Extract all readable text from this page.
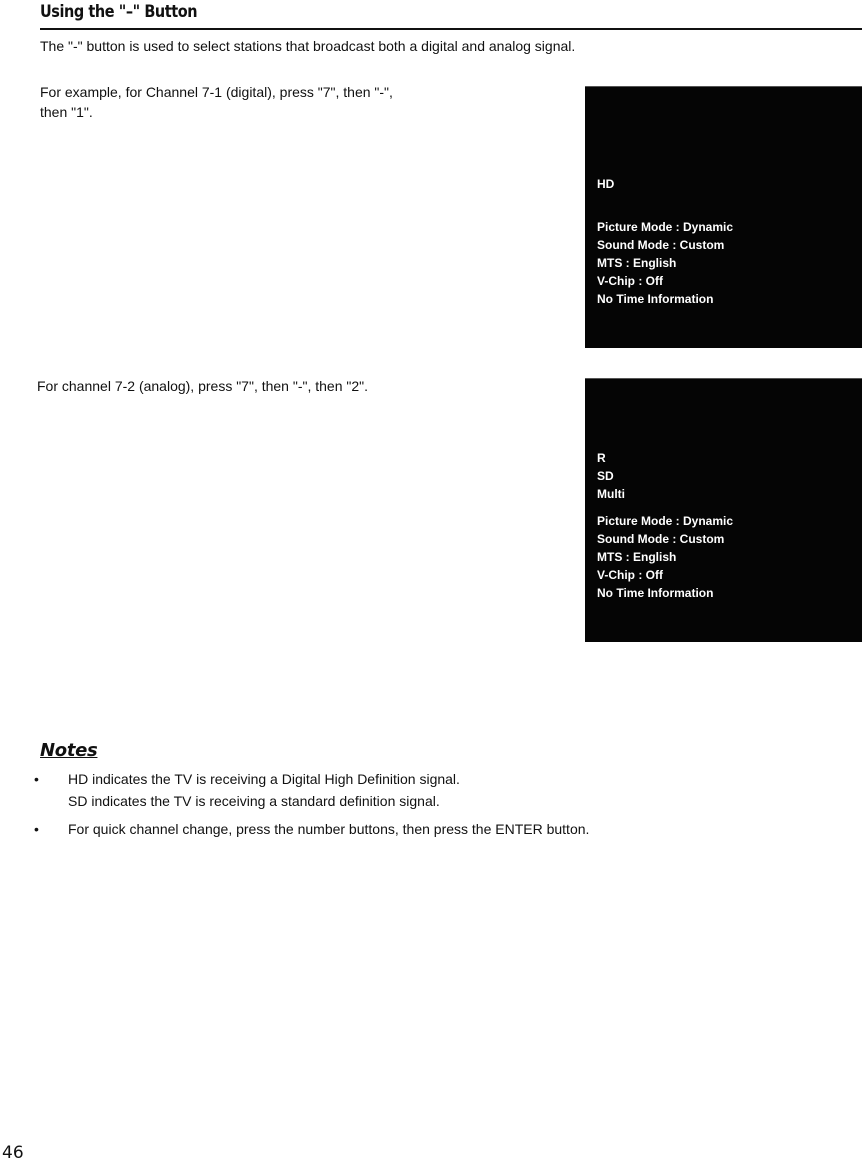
Using the "–" Button
The "-" button is used to select stations that broadcast both a digital and analog signal.
For example, for Channel 7-1 (digital), press "7", then "-",
then "1".
HD
Picture Mode : Dynamic
Sound Mode : Custom
MTS : English
V-Chip : Off
No Time Information
For channel 7-2 (analog), press "7", then "-", then "2".
R
SD
Multi
Picture Mode : Dynamic
Sound Mode : Custom
MTS : English
V-Chip : Off
No Time Information
Notes
• HD indicates the TV is receiving a Digital High Definition signal.
SD indicates the TV is receiving a standard definition signal.
• For quick channel change, press the number buttons, then press the ENTER button.
46
